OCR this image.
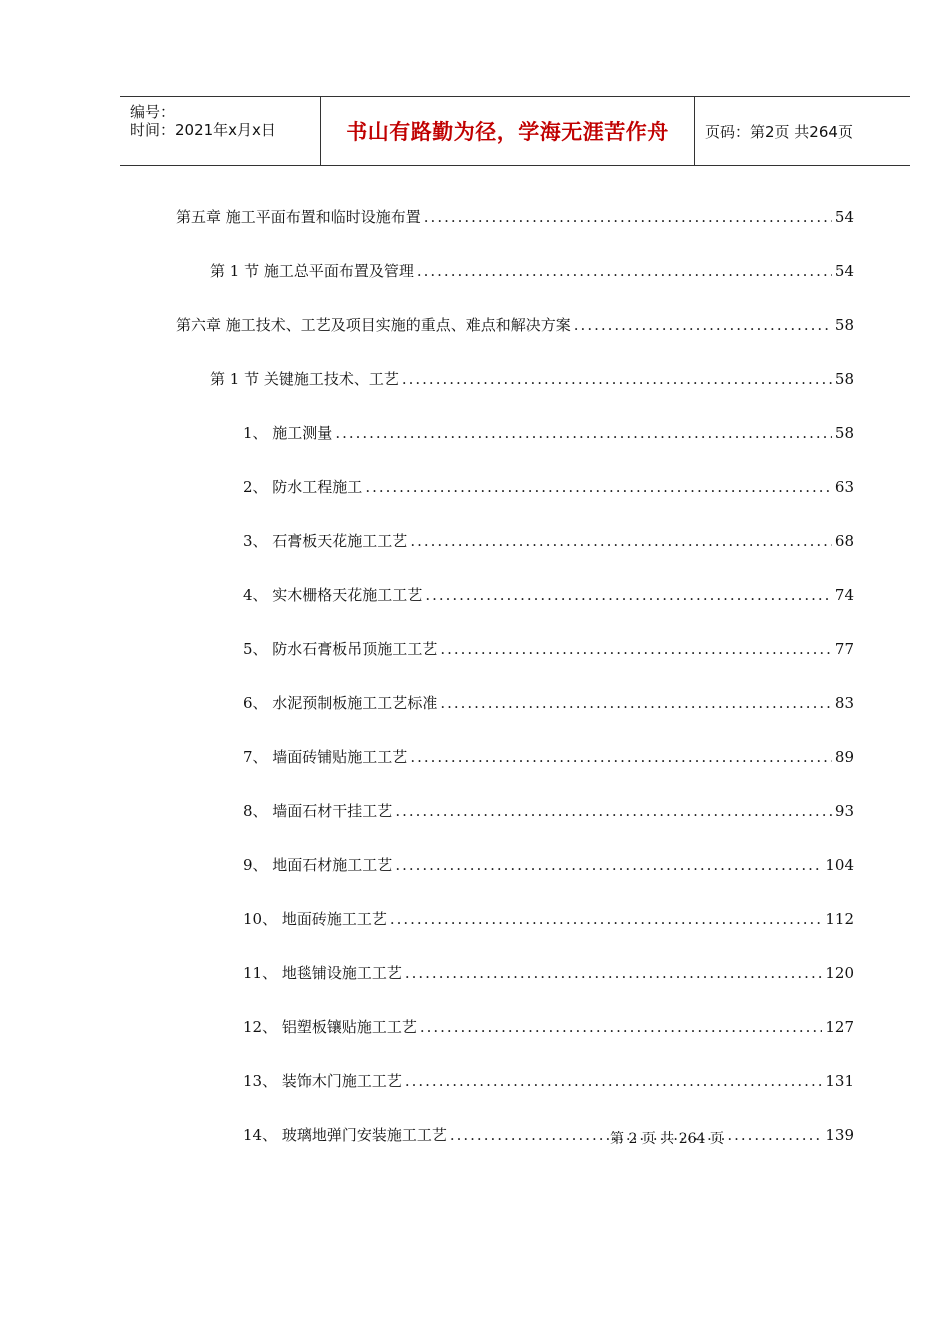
编号：
时间：2021年x月x日	书山有路勤为径，学海无涯苦作舟 页码：第2页 共264页
第五章 施工平面布置和临时设施布置 .....	54
第 1 节 施工总平面布置及管理 .....	54
第六章 施工技术、工艺及项目实施的重点、难点和解决方案 .....	58
第 1 节 关键施工技术、工艺 .....	58
1、 施工测量 .....	58
2、 防水工程施工 .....	63
3、 石膏板天花施工工艺 .....	68
4、 实木栅格天花施工工艺 .....	74
5、 防水石膏板吊顶施工工艺 .....	77
6、 水泥预制板施工工艺标准 .....	83
7、 墙面砖铺贴施工工艺 .....	89
8、 墙面石材干挂工艺 .....	93
9、 地面石材施工工艺 .....	104
10、 地面砖施工工艺 .....	112
11、 地毯铺设施工工艺 .....	120
12、 铝塑板镶贴施工工艺 .....	127
13、 装饰木门施工工艺 .....	131
14、 玻璃地弹门安装施工工艺 .....	139
第 2 页 共 264 页
